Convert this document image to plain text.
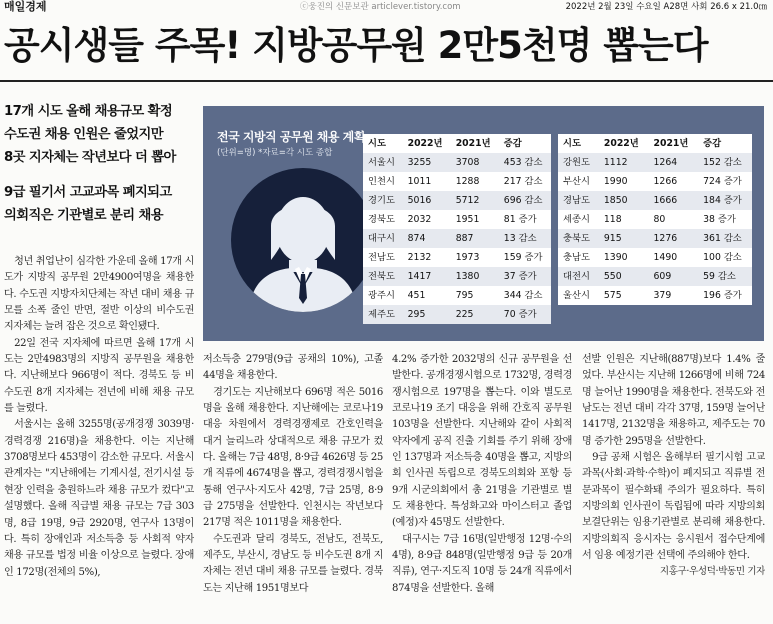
매일경제	ⓒ웅진의 신문보관 articlever.tistory.com	2022년 2월 23일 수요일 A28면 사회 26.6 x 21.0㎝
공시생들 주목! 지방공무원 2만5천명 뽑는다
17개 시도 올해 채용규모 확정
수도권 채용 인원은 줄었지만
8곳 지자체는 작년보다 더 뽑아
9급 필기서 고교과목 폐지되고
의회직은 기관별로 분리 채용
전국 지방직 공무원 채용 계획
(단위=명) *자료=각 시도 종합
시도	2022년	2021년	증감
서울시	3255	3708	453 감소
인천시	1011	1288	217 감소
경기도	5016	5712	696 감소
경북도	2032	1951	81 증가
대구시	874	887	13 감소
전남도	2132	1973	159 증가
전북도	1417	1380	37 증가
광주시	451	795	344 감소
제주도	295	225	70 증가
시도	2022년	2021년	증감
강원도	1112	1264	152 감소
부산시	1990	1266	724 증가
경남도	1850	1666	184 증가
세종시	118	80	38 증가
충북도	915	1276	361 감소
충남도	1390	1490	100 감소
대전시	550	609	59 감소
울산시	575	379	196 증가

청년 취업난이 심각한 가운데 올해 17개 시도가 지방직 공무원 2만4900여명을 채용한다. 수도권 지방자치단체는 작년 대비 채용 규모를 소폭 줄인 반면, 절반 이상의 비수도권 지자체는 늘려 잡은 것으로 확인됐다.

22일 전국 지자체에 따르면 올해 17개 시도는 2만4983명의 지방직 공무원을 채용한다. 지난해보다 966명이 적다. 경북도 등 비수도권 8개 지자체는 전년에 비해 채용 규모를 늘렸다.

서울시는 올해 3255명(공개경쟁 3039명·경력경쟁 216명)을 채용한다. 이는 지난해 3708명보다 453명이 감소한 규모다. 서울시 관계자는 "지난해에는 기계시설, 전기시설 등 현장 인력을 충원하느라 채용 규모가 컸다"고 설명했다. 올해 직급별 채용 규모는 7급 303명, 8급 19명, 9급 2920명, 연구사 13명이다. 특히 장애인과 저소득층 등 사회적 약자 채용 규모를 법정 비율 이상으로 늘렸다. 장애인 172명(전체의 5%),

저소득층 279명(9급 공채의 10%), 고졸 44명을 채용한다.

경기도는 지난해보다 696명 적은 5016명을 올해 채용한다. 지난해에는 코로나19 대응 차원에서 경력경쟁제로 간호인력을 대거 늘리느라 상대적으로 채용 규모가 컸다. 올해는 7급 48명, 8·9급 4626명 등 25개 직류에 4674명을 뽑고, 경력경쟁시험을 통해 연구사·지도사 42명, 7급 25명, 8·9급 275명을 선발한다. 인천시는 작년보다 217명 적은 1011명을 채용한다.

수도권과 달리 경북도, 전남도, 전북도, 제주도, 부산시, 경남도 등 비수도권 8개 지자체는 전년 대비 채용 규모를 늘렸다. 경북도는 지난해 1951명보다

4.2% 증가한 2032명의 신규 공무원을 선발한다. 공개경쟁시험으로 1732명, 경력경쟁시험으로 197명을 뽑는다. 이와 별도로 코로나19 조기 대응을 위해 간호직 공무원 103명을 선발한다. 지난해와 같이 사회적 약자에게 공직 진출 기회를 주기 위해 장애인 137명과 저소득층 40명을 뽑고, 지방의회 인사권 독립으로 경북도의회와 포항 등 9개 시군의회에서 총 21명을 기관별로 별도 채용한다. 특성화고와 마이스터고 졸업(예정)자 45명도 선발한다.

대구시는 7급 16명(일반행정 12명·수의 4명), 8·9급 848명(일반행정 9급 등 20개 직류), 연구·지도직 10명 등 24개 직류에서 874명을 선발한다. 올해

선발 인원은 지난해(887명)보다 1.4% 줄었다. 부산시는 지난해 1266명에 비해 724명 늘어난 1990명을 채용한다. 전북도와 전남도는 전년 대비 각각 37명, 159명 늘어난 1417명, 2132명을 채용하고, 제주도는 70명 증가한 295명을 선발한다.

9급 공채 시험은 올해부터 필기시험 고교과목(사회·과학·수학)이 폐지되고 직류별 전문과목이 필수화돼 주의가 필요하다. 특히 지방의회 인사권이 독립됨에 따라 지방의회 보결단위는 임용기관별로 분리해 채용한다. 지방의회직 응시자는 응시원서 접수단계에서 임용 예정기관 선택에 주의해야 한다.

지홍구·우성덕·박동민 기자
